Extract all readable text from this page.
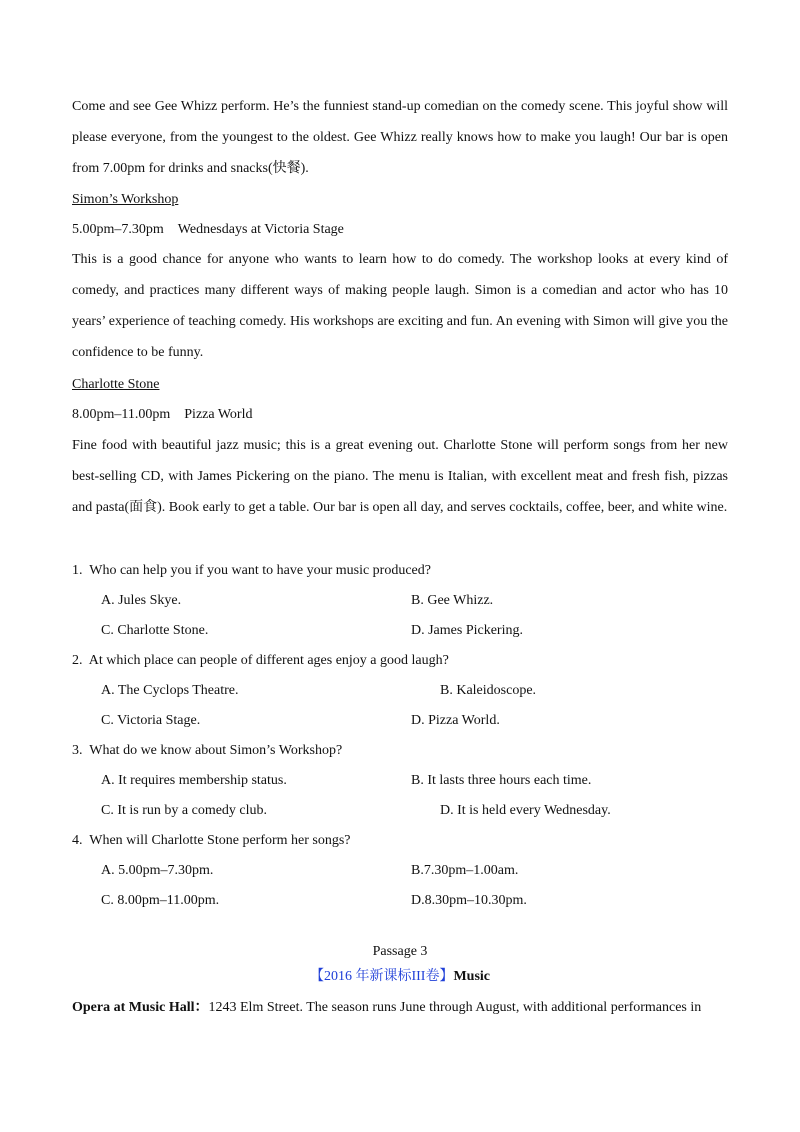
Come and see Gee Whizz perform. He’s the funniest stand-up comedian on the comedy scene. This joyful show will please everyone, from the youngest to the oldest. Gee Whizz really knows how to make you laugh! Our bar is open from 7.00pm for drinks and snacks(快餐).

Simon’s Workshop

5.00pm–7.30pm Wednesdays at Victoria Stage

This is a good chance for anyone who wants to learn how to do comedy. The workshop looks at every kind of comedy, and practices many different ways of making people laugh. Simon is a comedian and actor who has 10 years’ experience of teaching comedy. His workshops are exciting and fun. An evening with Simon will give you the confidence to be funny.

Charlotte Stone

8.00pm–11.00pm Pizza World

Fine food with beautiful jazz music; this is a great evening out. Charlotte Stone will perform songs from her new best-selling CD, with James Pickering on the piano. The menu is Italian, with excellent meat and fresh fish, pizzas and pasta(面食). Book early to get a table. Our bar is open all day, and serves cocktails, coffee, beer, and white wine.

1. Who can help you if you want to have your music produced?
A. Jules Skye.	B. Gee Whizz.
C. Charlotte Stone.	D. James Pickering.
2. At which place can people of different ages enjoy a good laugh?
A. The Cyclops Theatre.	B. Kaleidoscope.
C. Victoria Stage.	D. Pizza World.
3. What do we know about Simon’s Workshop?
A. It requires membership status.	B. It lasts three hours each time.
C. It is run by a comedy club.	D. It is held every Wednesday.
4. When will Charlotte Stone perform her songs?
A. 5.00pm–7.30pm.	B.7.30pm–1.00am.
C. 8.00pm–11.00pm.	D.8.30pm–10.30pm.
Passage 3
【2016 年新课标III卷】Music
Opera at Music Hall：1243 Elm Street. The season runs June through August, with additional performances in
